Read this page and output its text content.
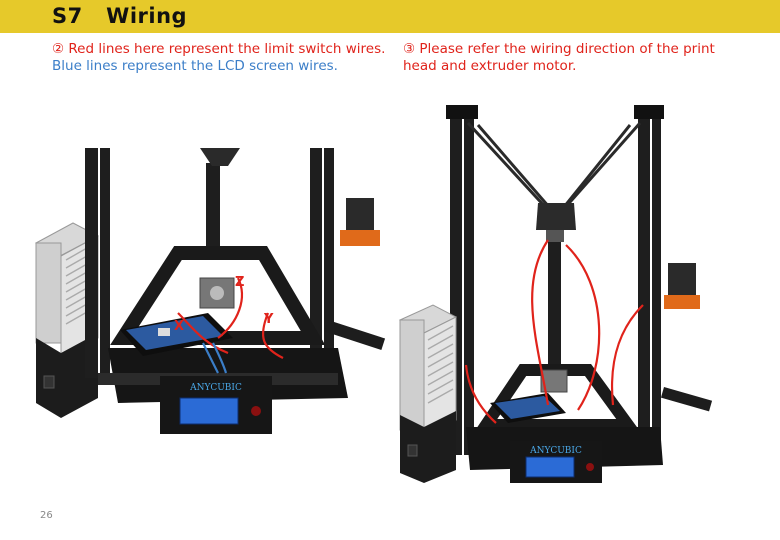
S7   Wiring
② Red lines here represent the limit switch wires.
Blue lines represent the LCD screen wires.
③ Please refer the wiring direction of the print
head and extruder motor.
Z
X	Y
ANYCUBIC
ANYCUBIC
26
